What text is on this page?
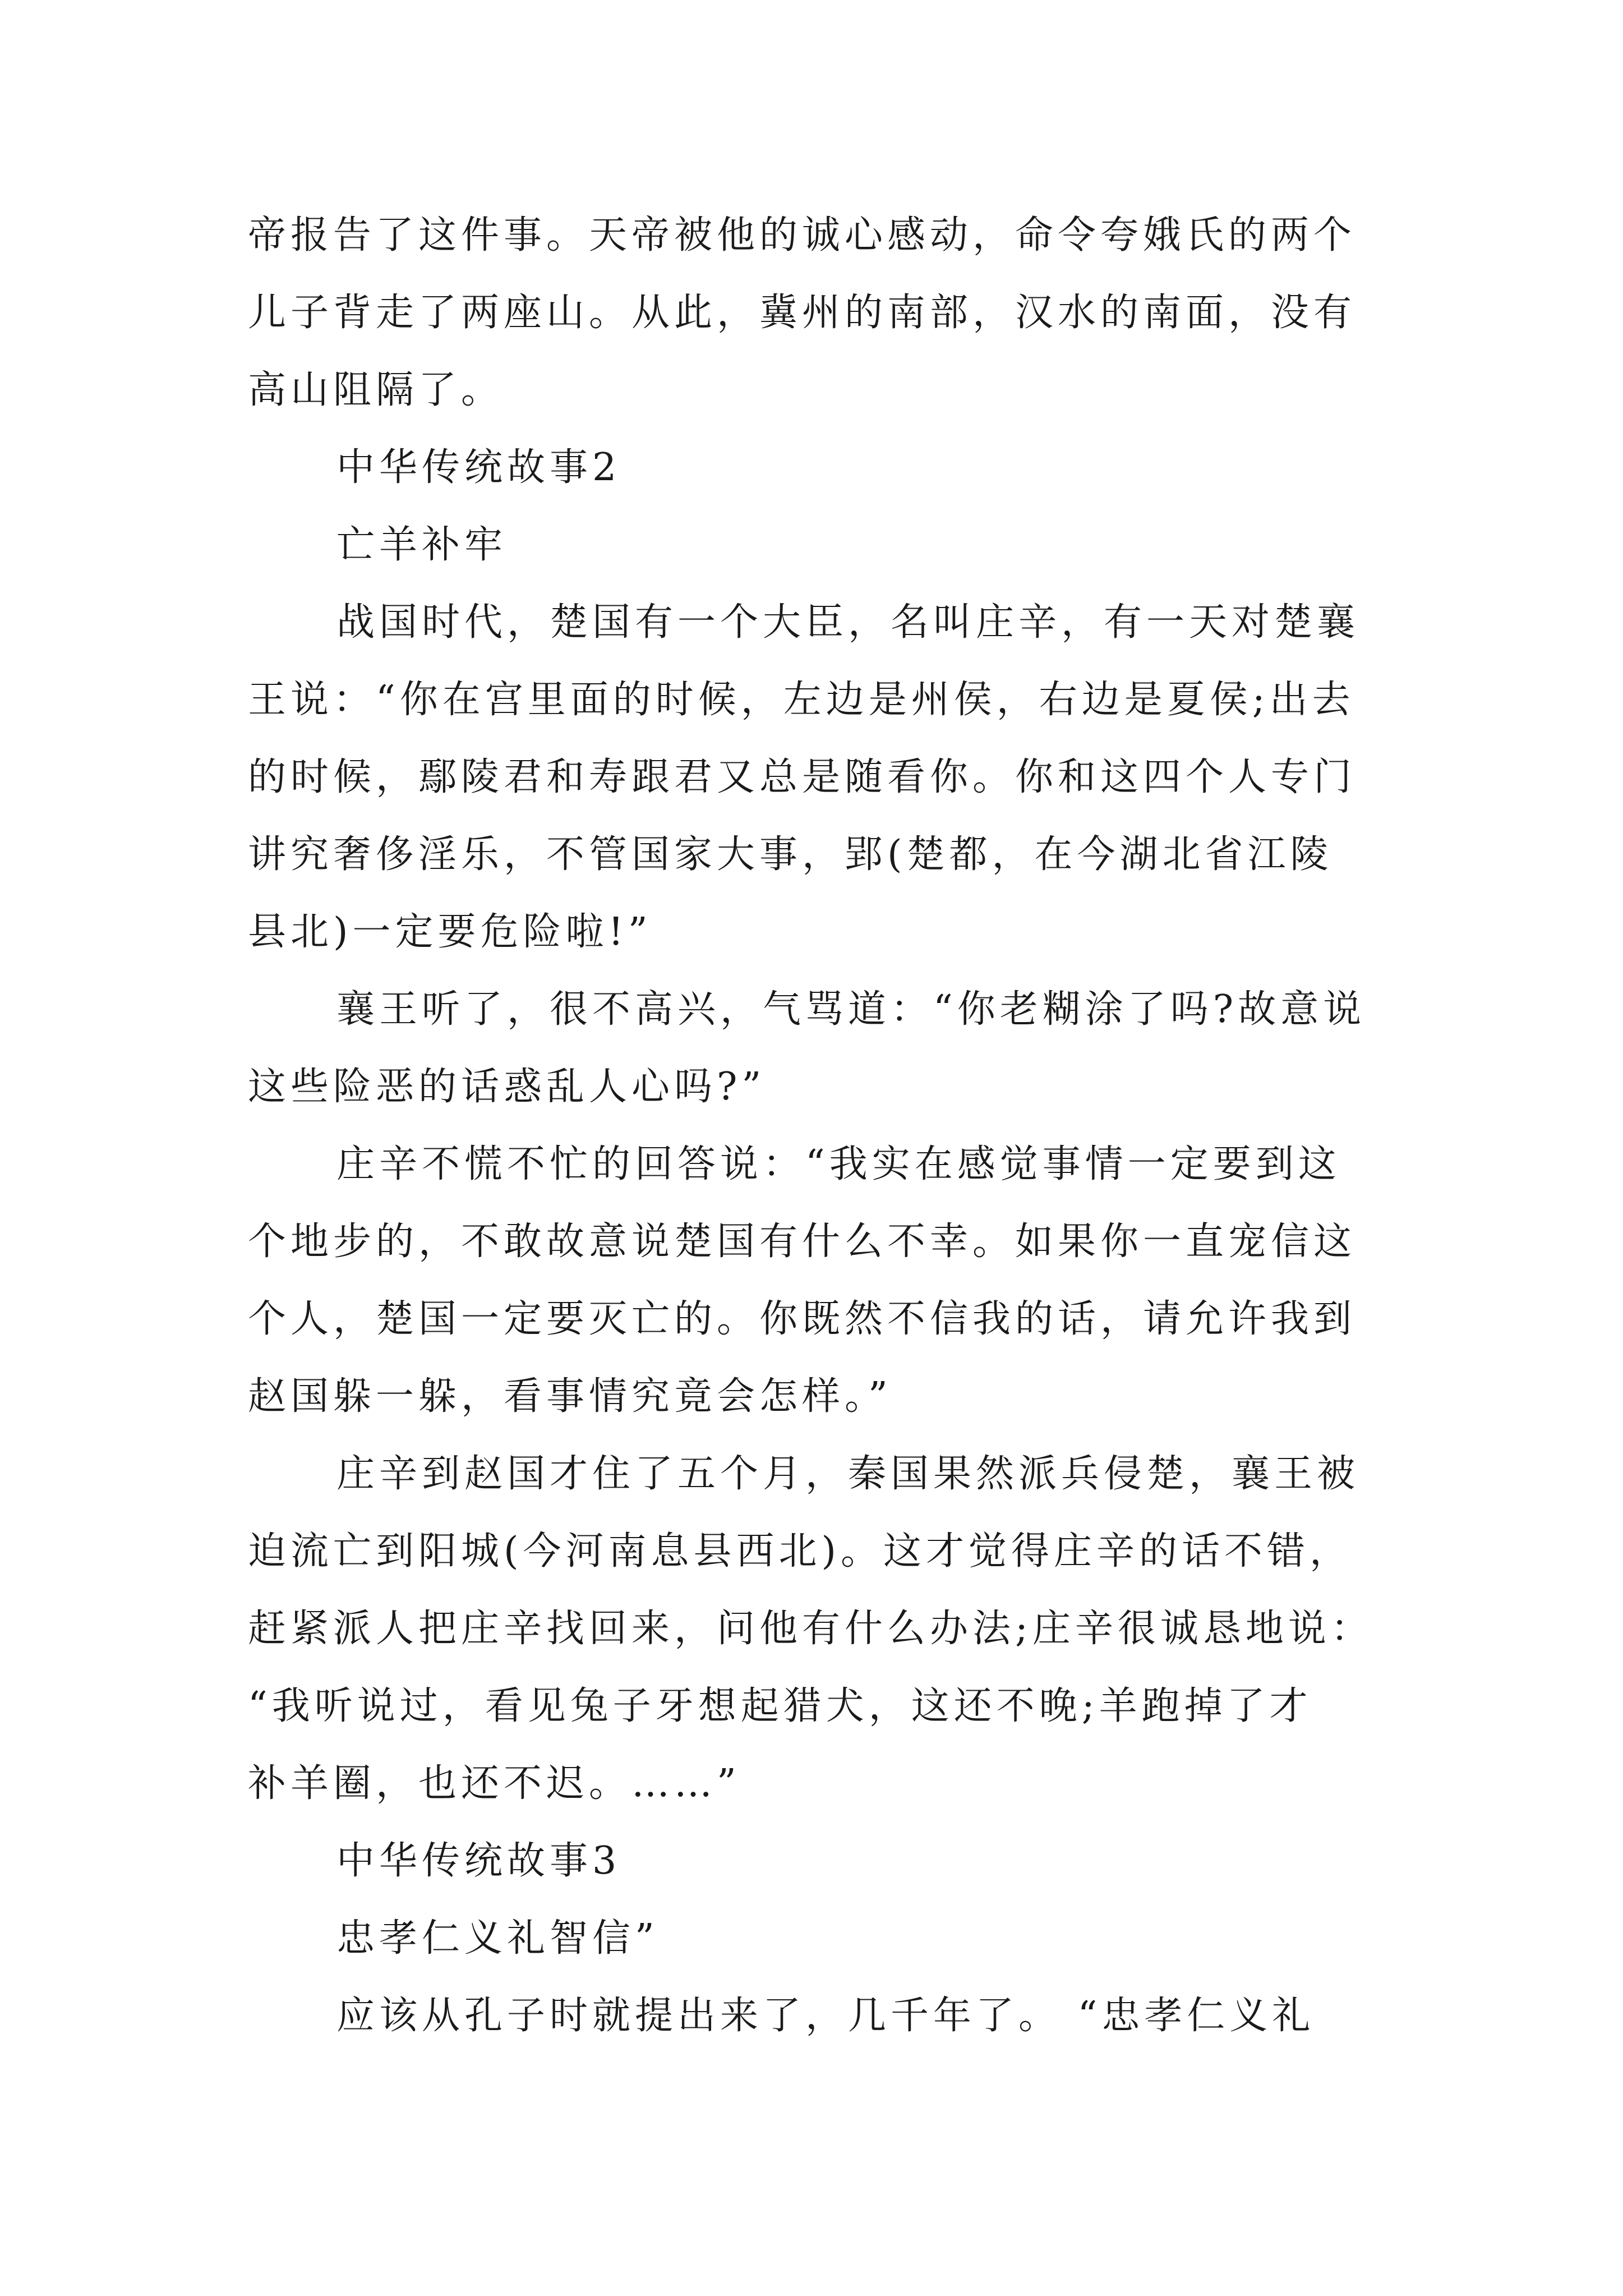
帝报告了这件事。天帝被他的诚心感动，命令夸娥氏的两个
儿子背走了两座山。从此，冀州的南部，汉水的南面，没有
高山阻隔了。
中华传统故事2
亡羊补牢
战国时代，楚国有一个大臣，名叫庄辛，有一天对楚襄
王说：“你在宫里面的时候，左边是州侯，右边是夏侯;出去
的时候，鄢陵君和寿跟君又总是随看你。你和这四个人专门
讲究奢侈淫乐，不管国家大事，郢(楚都，在今湖北省江陵
县北)一定要危险啦!”
襄王听了，很不高兴，气骂道：“你老糊涂了吗?故意说
这些险恶的话惑乱人心吗?”
庄辛不慌不忙的回答说：“我实在感觉事情一定要到这
个地步的，不敢故意说楚国有什么不幸。如果你一直宠信这
个人，楚国一定要灭亡的。你既然不信我的话，请允许我到
赵国躲一躲，看事情究竟会怎样。”
庄辛到赵国才住了五个月，秦国果然派兵侵楚，襄王被
迫流亡到阳城(今河南息县西北)。这才觉得庄辛的话不错，
赶紧派人把庄辛找回来，问他有什么办法;庄辛很诚恳地说：
“我听说过，看见兔子牙想起猎犬，这还不晚;羊跑掉了才
补羊圈，也还不迟。……”
中华传统故事3
忠孝仁义礼智信”
应该从孔子时就提出来了，几千年了。 “忠孝仁义礼
